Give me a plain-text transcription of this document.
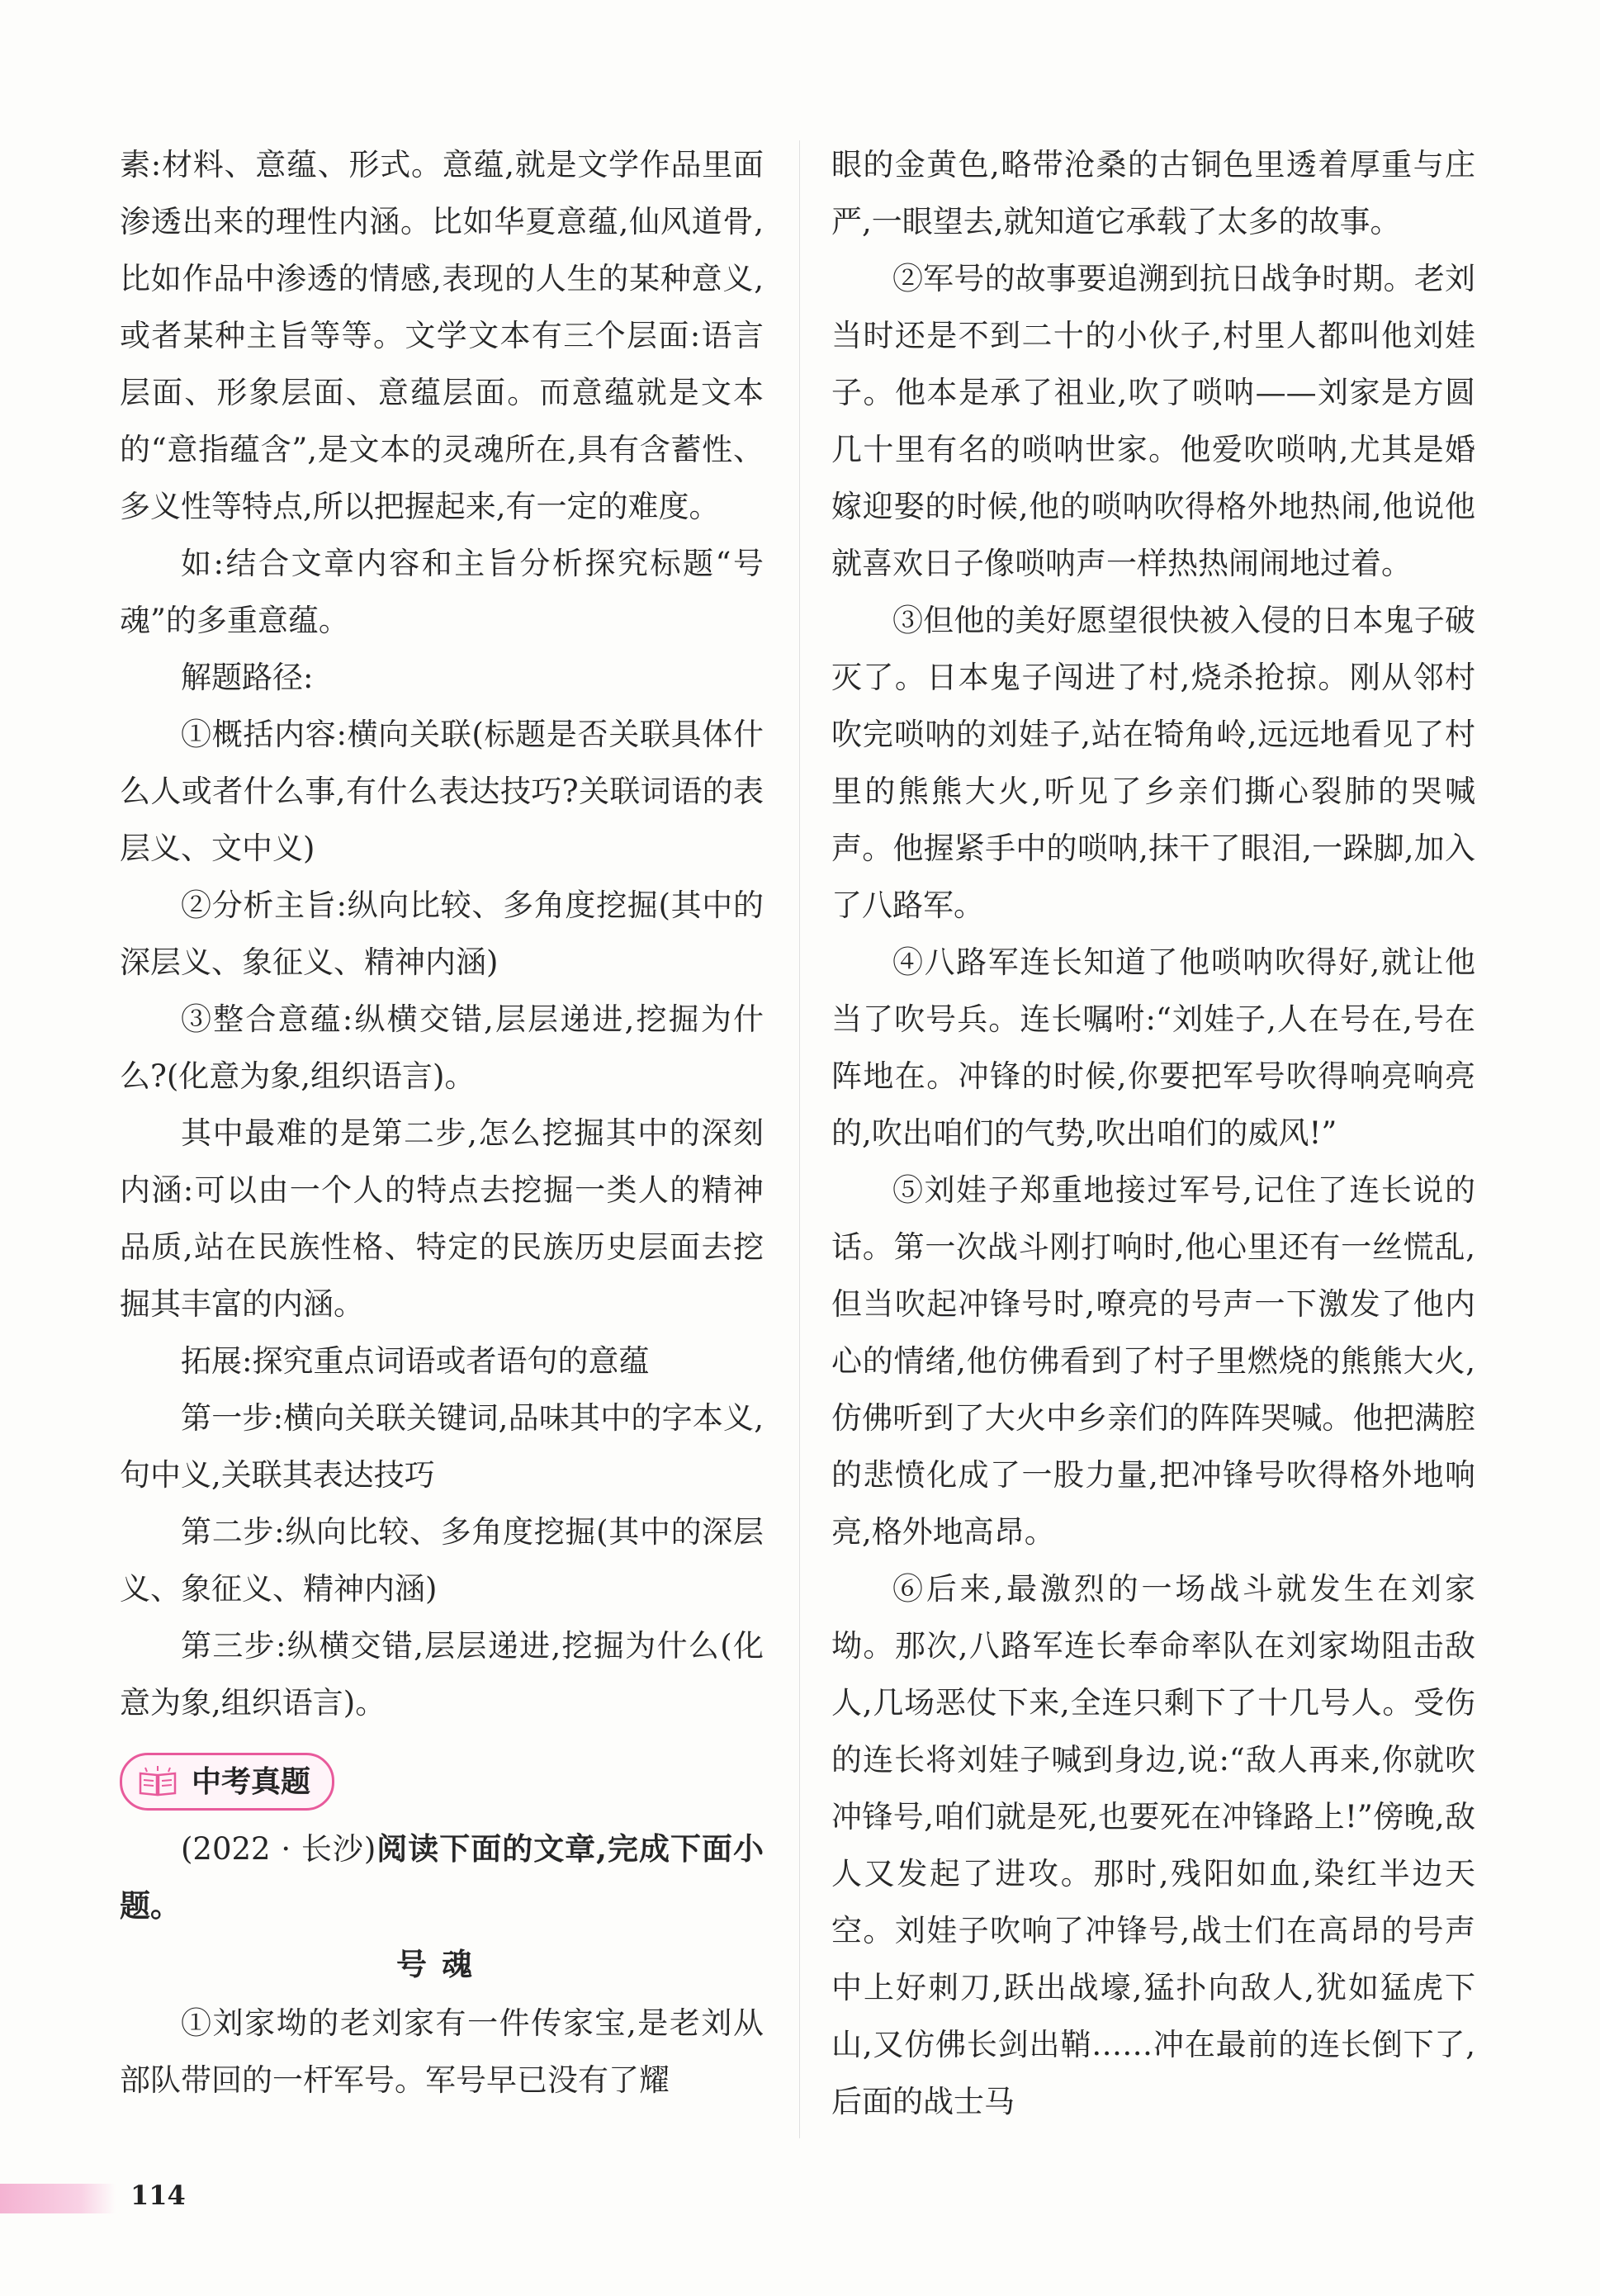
素:材料、意蕴、形式。意蕴,就是文学作品里面渗透出来的理性内涵。比如华夏意蕴,仙风道骨,比如作品中渗透的情感,表现的人生的某种意义,或者某种主旨等等。文学文本有三个层面:语言层面、形象层面、意蕴层面。而意蕴就是文本的“意指蕴含”,是文本的灵魂所在,具有含蓄性、多义性等特点,所以把握起来,有一定的难度。

如:结合文章内容和主旨分析探究标题“号魂”的多重意蕴。

解题路径:

①概括内容:横向关联(标题是否关联具体什么人或者什么事,有什么表达技巧?关联词语的表层义、文中义)

②分析主旨:纵向比较、多角度挖掘(其中的深层义、象征义、精神内涵)

③整合意蕴:纵横交错,层层递进,挖掘为什么?(化意为象,组织语言)。

其中最难的是第二步,怎么挖掘其中的深刻内涵:可以由一个人的特点去挖掘一类人的精神品质,站在民族性格、特定的民族历史层面去挖掘其丰富的内涵。

拓展:探究重点词语或者语句的意蕴

第一步:横向关联关键词,品味其中的字本义,句中义,关联其表达技巧

第二步:纵向比较、多角度挖掘(其中的深层义、象征义、精神内涵)

第三步:纵横交错,层层递进,挖掘为什么(化意为象,组织语言)。

中考真题

(2022 · 长沙)阅读下面的文章,完成下面小题。

号魂

①刘家坳的老刘家有一件传家宝,是老刘从部队带回的一杆军号。军号早已没有了耀

眼的金黄色,略带沧桑的古铜色里透着厚重与庄严,一眼望去,就知道它承载了太多的故事。

②军号的故事要追溯到抗日战争时期。老刘当时还是不到二十的小伙子,村里人都叫他刘娃子。他本是承了祖业,吹了唢呐——刘家是方圆几十里有名的唢呐世家。他爱吹唢呐,尤其是婚嫁迎娶的时候,他的唢呐吹得格外地热闹,他说他就喜欢日子像唢呐声一样热热闹闹地过着。

③但他的美好愿望很快被入侵的日本鬼子破灭了。日本鬼子闯进了村,烧杀抢掠。刚从邻村吹完唢呐的刘娃子,站在犄角岭,远远地看见了村里的熊熊大火,听见了乡亲们撕心裂肺的哭喊声。他握紧手中的唢呐,抹干了眼泪,一跺脚,加入了八路军。

④八路军连长知道了他唢呐吹得好,就让他当了吹号兵。连长嘱咐:“刘娃子,人在号在,号在阵地在。冲锋的时候,你要把军号吹得响亮响亮的,吹出咱们的气势,吹出咱们的威风!”

⑤刘娃子郑重地接过军号,记住了连长说的话。第一次战斗刚打响时,他心里还有一丝慌乱,但当吹起冲锋号时,嘹亮的号声一下激发了他内心的情绪,他仿佛看到了村子里燃烧的熊熊大火,仿佛听到了大火中乡亲们的阵阵哭喊。他把满腔的悲愤化成了一股力量,把冲锋号吹得格外地响亮,格外地高昂。

⑥后来,最激烈的一场战斗就发生在刘家坳。那次,八路军连长奉命率队在刘家坳阻击敌人,几场恶仗下来,全连只剩下了十几号人。受伤的连长将刘娃子喊到身边,说:“敌人再来,你就吹冲锋号,咱们就是死,也要死在冲锋路上!”傍晚,敌人又发起了进攻。那时,残阳如血,染红半边天空。刘娃子吹响了冲锋号,战士们在高昂的号声中上好刺刀,跃出战壕,猛扑向敌人,犹如猛虎下山,又仿佛长剑出鞘……冲在最前的连长倒下了,后面的战士马

114
